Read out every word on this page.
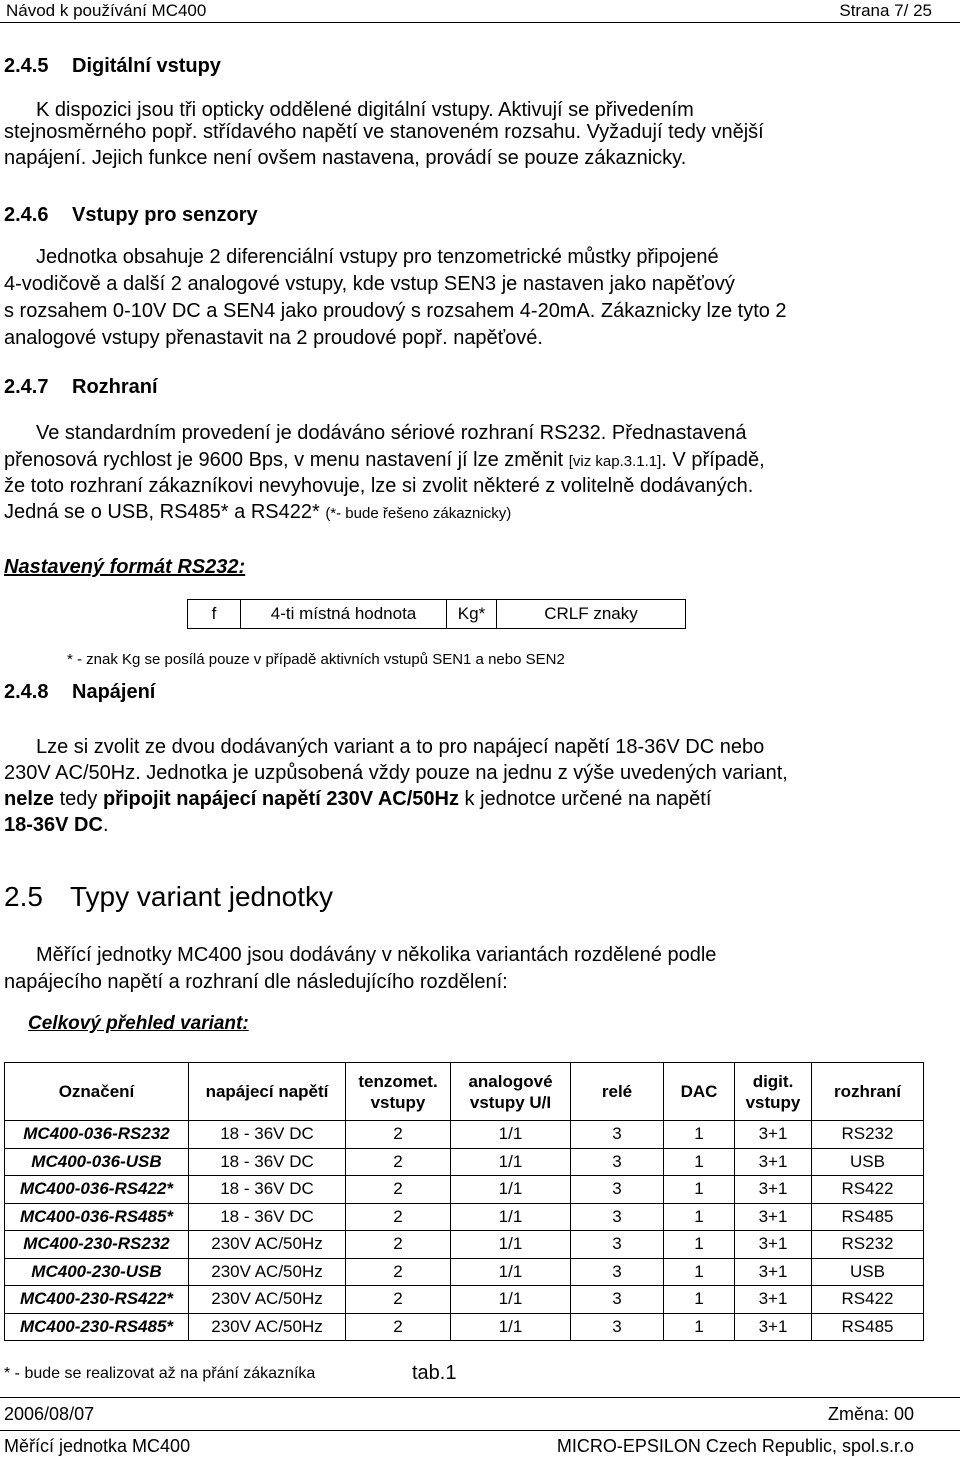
Návod k používání MC400	Strana 7/ 25
2.4.5 Digitální vstupy
K dispozici jsou tři opticky oddělené digitální vstupy. Aktivují se přivedením
stejnosměrného popř. střídavého napětí ve stanoveném rozsahu. Vyžadují tedy vnější
napájení. Jejich funkce není ovšem nastavena, provádí se pouze zákaznicky.
2.4.6 Vstupy pro senzory
Jednotka obsahuje 2 diferenciální vstupy pro tenzometrické můstky připojené
4-vodičově a další 2 analogové vstupy, kde vstup SEN3 je nastaven jako napěťový
s rozsahem 0-10V DC a SEN4 jako proudový s rozsahem 4-20mA. Zákaznicky lze tyto 2
analogové vstupy přenastavit na 2 proudové popř. napěťové.
2.4.7 Rozhraní
Ve standardním provedení je dodáváno sériové rozhraní RS232. Přednastavená
přenosová rychlost je 9600 Bps, v menu nastavení jí lze změnit [viz kap.3.1.1]. V případě,
že toto rozhraní zákazníkovi nevyhovuje, lze si zvolit některé z volitelně dodávaných.
Jedná se o USB, RS485* a RS422* (*- bude řešeno zákaznicky)
Nastavený formát RS232:
f	4-ti místná hodnota	Kg*	CRLF znaky
* - znak Kg se posílá pouze v případě aktivních vstupů SEN1 a nebo SEN2
2.4.8 Napájení
Lze si zvolit ze dvou dodávaných variant a to pro napájecí napětí 18-36V DC nebo
230V AC/50Hz. Jednotka je uzpůsobená vždy pouze na jednu z výše uvedených variant,
nelze tedy připojit napájecí napětí 230V AC/50Hz k jednotce určené na napětí
18-36V DC.
2.5 Typy variant jednotky
Měřící jednotky MC400 jsou dodávány v několika variantách rozdělené podle
napájecího napětí a rozhraní dle následujícího rozdělení:
Celkový přehled variant:
Označení	napájecí napětí	tenzomet.
vstupy	analogové
vstupy U/I	relé	DAC	digit.
vstupy	rozhraní
MC400-036-RS232	18 - 36V DC	2	1/1	3	1	3+1	RS232
MC400-036-USB	18 - 36V DC	2	1/1	3	1	3+1	USB
MC400-036-RS422*	18 - 36V DC	2	1/1	3	1	3+1	RS422
MC400-036-RS485*	18 - 36V DC	2	1/1	3	1	3+1	RS485
MC400-230-RS232	230V AC/50Hz	2	1/1	3	1	3+1	RS232
MC400-230-USB	230V AC/50Hz	2	1/1	3	1	3+1	USB
MC400-230-RS422*	230V AC/50Hz	2	1/1	3	1	3+1	RS422
MC400-230-RS485*	230V AC/50Hz	2	1/1	3	1	3+1	RS485
* - bude se realizovat až na přání zákazníka	tab.1
2006/08/07	Změna: 00
Měřící jednotka MC400	MICRO-EPSILON Czech Republic, spol.s.r.o
